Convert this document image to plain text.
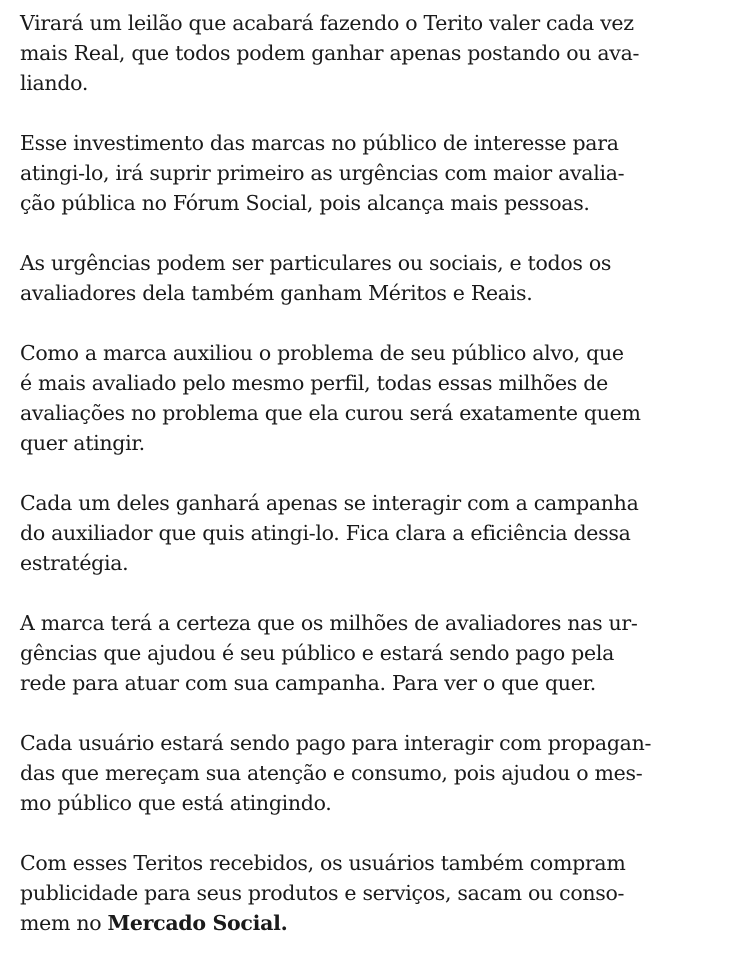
Virará um leilão que acabará fazendo o Terito valer cada vez
mais Real, que todos podem ganhar apenas postando ou ava-
liando.

Esse investimento das marcas no público de interesse para
atingi-lo, irá suprir primeiro as urgências com maior avalia-
ção pública no Fórum Social, pois alcança mais pessoas.

As urgências podem ser particulares ou sociais, e todos os
avaliadores dela também ganham Méritos e Reais.

Como a marca auxiliou o problema de seu público alvo, que
é mais avaliado pelo mesmo perfil, todas essas milhões de
avaliações no problema que ela curou será exatamente quem
quer atingir.

Cada um deles ganhará apenas se interagir com a campanha
do auxiliador que quis atingi-lo. Fica clara a eficiência dessa
estratégia.

A marca terá a certeza que os milhões de avaliadores nas ur-
gências que ajudou é seu público e estará sendo pago pela
rede para atuar com sua campanha. Para ver o que quer.

Cada usuário estará sendo pago para interagir com propagan-
das que mereçam sua atenção e consumo, pois ajudou o mes-
mo público que está atingindo.

Com esses Teritos recebidos, os usuários também compram
publicidade para seus produtos e serviços, sacam ou conso-
mem no Mercado Social.
